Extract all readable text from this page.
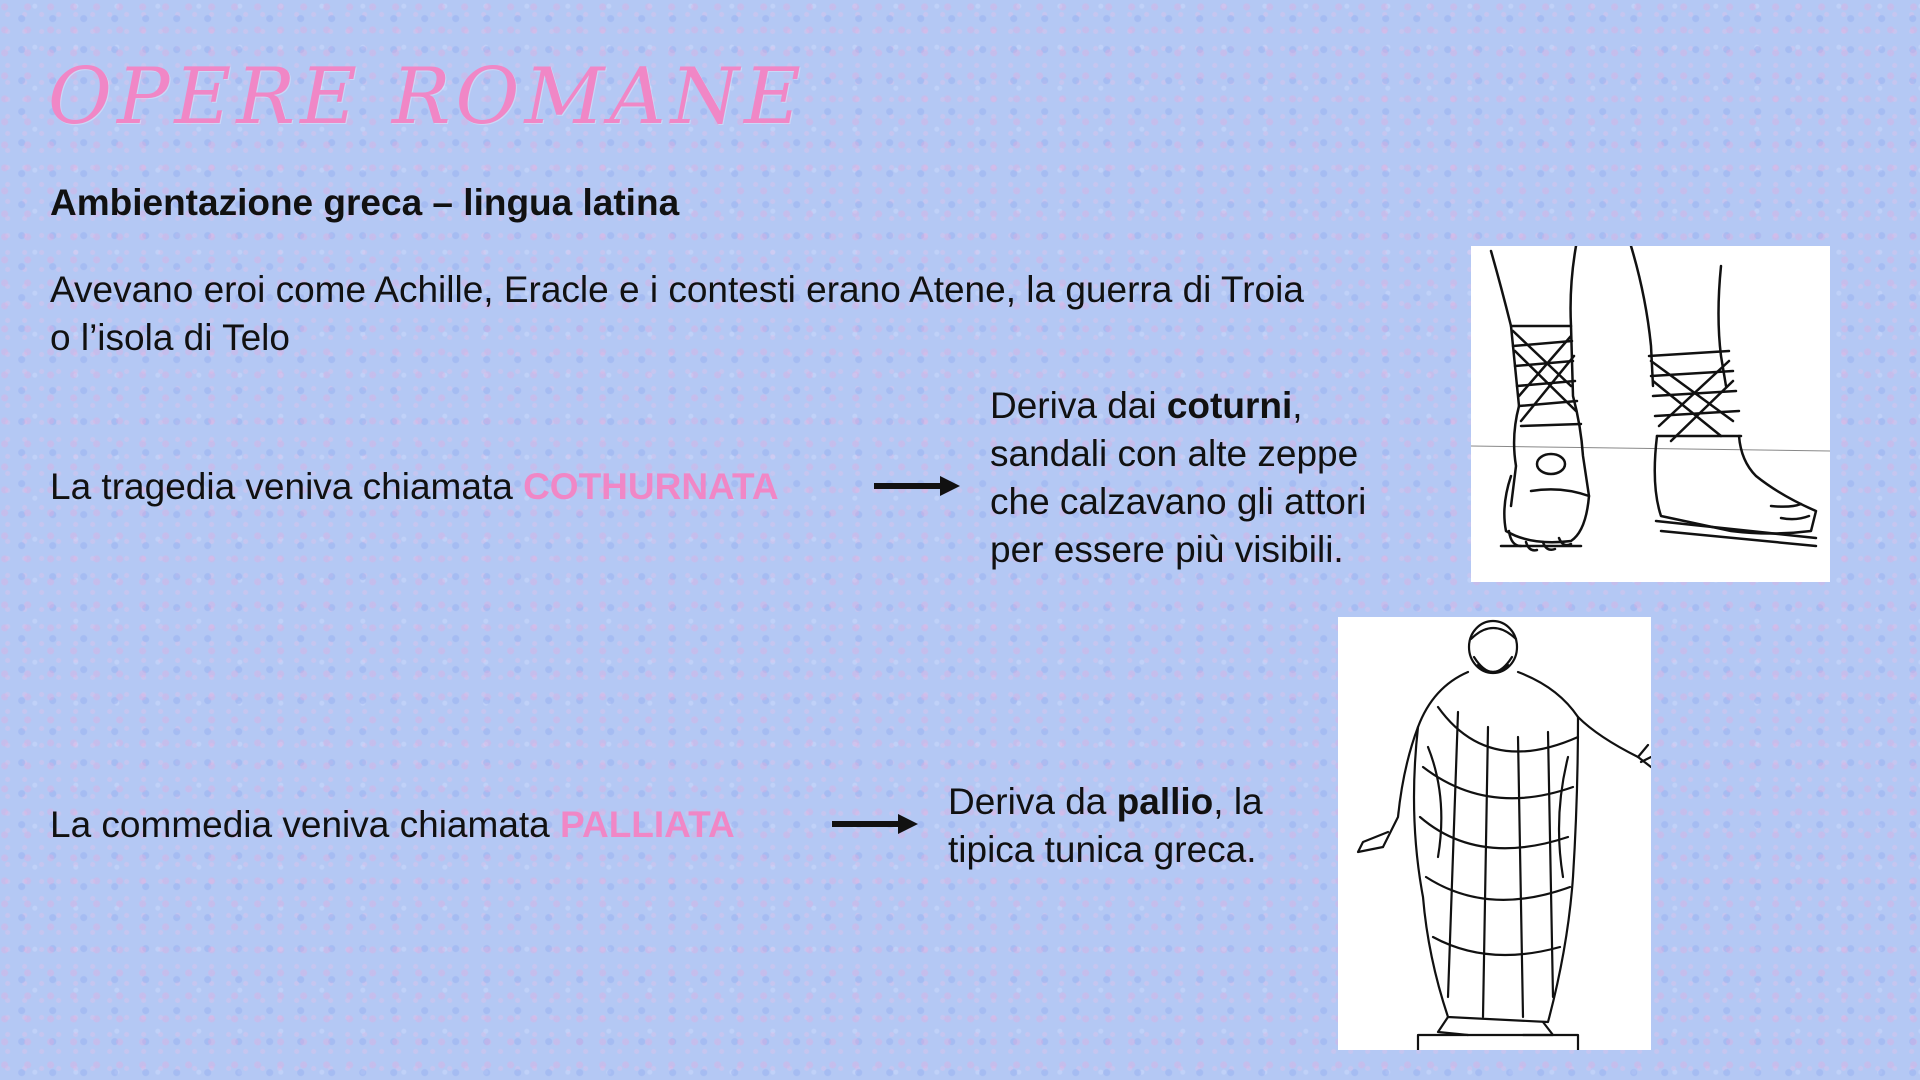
OPERE ROMANE
Ambientazione greca – lingua latina
Avevano eroi come Achille, Eracle e i contesti erano Atene, la guerra di Troia
o l’isola di Telo
La tragedia veniva chiamata COTHURNATA
Deriva dai coturni,
sandali con alte zeppe
che calzavano gli attori
per essere più visibili.
La commedia veniva chiamata PALLIATA
Deriva da pallio, la
tipica tunica greca.
